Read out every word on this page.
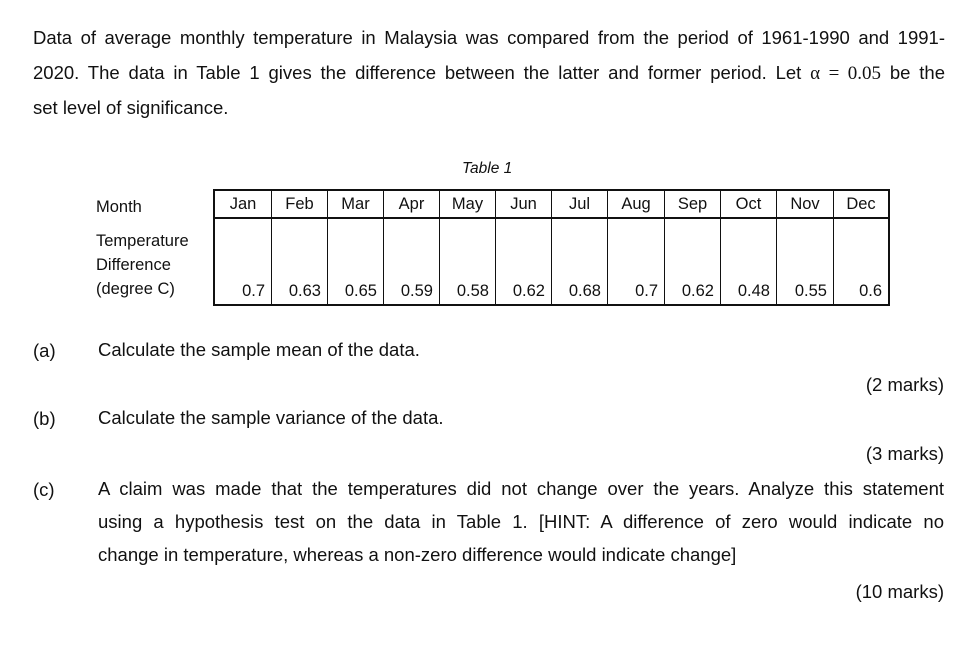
Data of average monthly temperature in Malaysia was compared from the period of 1961-1990 and 1991-
2020. The data in Table 1 gives the difference between the latter and former period. Let α = 0.05 be the
set level of significance.
Table 1
Month
Temperature
Difference
(degree C)
Jan	Feb	Mar	Apr	May	Jun	Jul	Aug	Sep	Oct	Nov	Dec
0.7	0.63	0.65	0.59	0.58	0.62	0.68	0.7	0.62	0.48	0.55	0.6
(a) Calculate the sample mean of the data.
(2 marks)
(b) Calculate the sample variance of the data.
(3 marks)
(c) A claim was made that the temperatures did not change over the years. Analyze this statement
using a hypothesis test on the data in Table 1. [HINT: A difference of zero would indicate no
change in temperature, whereas a non-zero difference would indicate change]
(10 marks)
